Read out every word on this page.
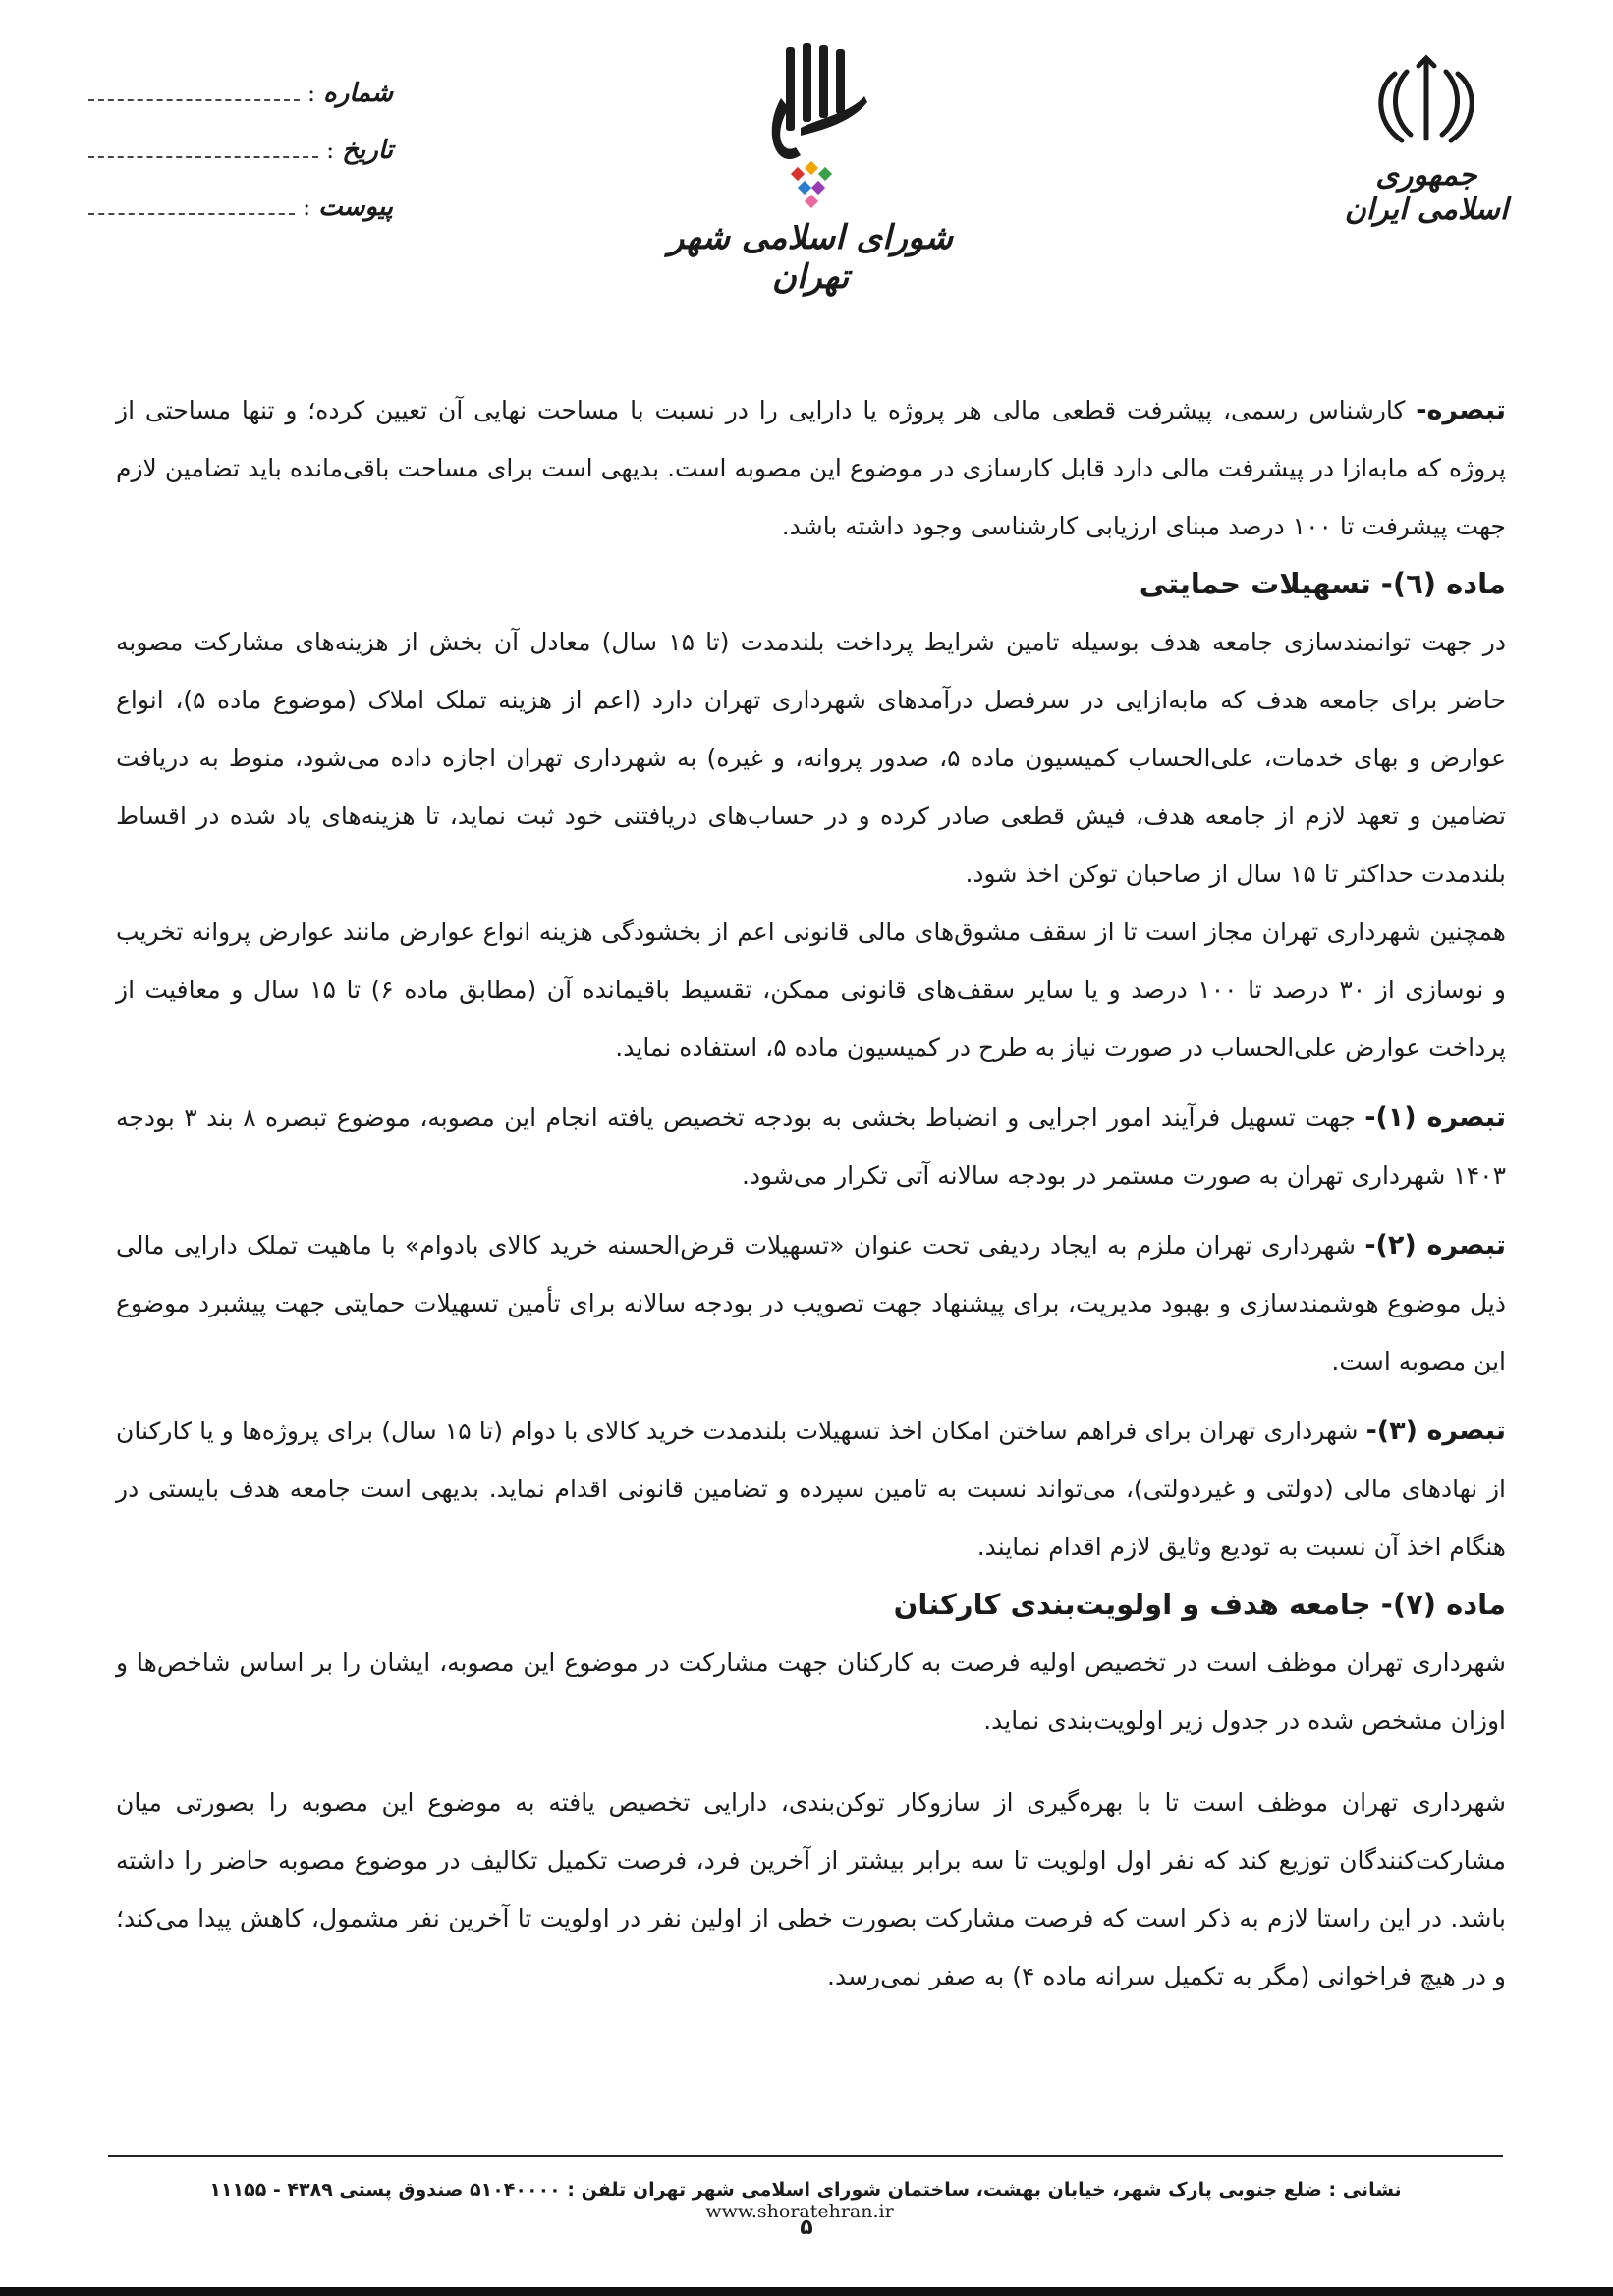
جمهوری اسلامی ایران
شورای اسلامی شهر تهران
شماره
:
تاریخ
:
پیوست
:

تبصره- کارشناس رسمی، پیشرفت قطعی مالی هر پروژه یا دارایی را در نسبت با مساحت نهایی آن تعیین کرده؛ و تنها مساحتی از پروژه که مابه‌ازا در پیشرفت مالی دارد قابل کارسازی در موضوع این مصوبه است. بدیهی است برای مساحت باقی‌مانده باید تضامین لازم جهت پیشرفت تا ۱۰۰ درصد مبنای ارزیابی کارشناسی وجود داشته باشد.

ماده (٦)- تسهیلات حمایتی

در جهت توانمندسازی جامعه هدف بوسیله تامین شرایط پرداخت بلندمدت (تا ۱۵ سال) معادل آن بخش از هزینه‌های مشارکت مصوبه حاضر برای جامعه هدف که مابه‌ازایی در سرفصل درآمدهای شهرداری تهران دارد (اعم از هزینه تملک املاک (موضوع ماده ۵)، انواع عوارض و بهای خدمات، علی‌الحساب کمیسیون ماده ۵، صدور پروانه، و غیره) به شهرداری تهران اجازه داده می‌شود، منوط به دریافت تضامین و تعهد لازم از جامعه هدف، فیش قطعی صادر کرده و در حساب‌های دریافتنی خود ثبت نماید، تا هزینه‌های یاد شده در اقساط بلندمدت حداکثر تا ۱۵ سال از صاحبان توکن اخذ شود.

همچنین شهرداری تهران مجاز است تا از سقف مشوق‌های مالی قانونی اعم از بخشودگی هزینه انواع عوارض مانند عوارض پروانه تخریب و نوسازی از ۳۰ درصد تا ۱۰۰ درصد و یا سایر سقف‌های قانونی ممکن، تقسیط باقیمانده آن (مطابق ماده ۶) تا ۱۵ سال و معافیت از پرداخت عوارض علی‌الحساب در صورت نیاز به طرح در کمیسیون ماده ۵، استفاده نماید.

تبصره (۱)- جهت تسهیل فرآیند امور اجرایی و انضباط بخشی به بودجه تخصیص یافته انجام این مصوبه، موضوع تبصره ۸ بند ۳ بودجه ۱۴۰۳ شهرداری تهران به صورت مستمر در بودجه سالانه آتی تکرار می‌شود.

تبصره (۲)- شهرداری تهران ملزم به ایجاد ردیفی تحت عنوان «تسهیلات قرض‌الحسنه خرید کالای بادوام» با ماهیت تملک دارایی مالی ذیل موضوع هوشمندسازی و بهبود مدیریت، برای پیشنهاد جهت تصویب در بودجه سالانه برای تأمین تسهیلات حمایتی جهت پیشبرد موضوع این مصوبه است.

تبصره (۳)- شهرداری تهران برای فراهم ساختن امکان اخذ تسهیلات بلندمدت خرید کالای با دوام (تا ۱۵ سال) برای پروژه‌ها و یا کارکنان از نهادهای مالی (دولتی و غیردولتی)، می‌تواند نسبت به تامین سپرده و تضامین قانونی اقدام نماید. بدیهی است جامعه هدف بایستی در هنگام اخذ آن نسبت به تودیع وثایق لازم اقدام نمایند.

ماده (۷)- جامعه هدف و اولویت‌بندی کارکنان

شهرداری تهران موظف است در تخصیص اولیه فرصت به کارکنان جهت مشارکت در موضوع این مصوبه، ایشان را بر اساس شاخص‌ها و اوزان مشخص شده در جدول زیر اولویت‌بندی نماید.

شهرداری تهران موظف است تا با بهره‌گیری از سازوکار توکن‌بندی، دارایی تخصیص یافته به موضوع این مصوبه را بصورتی میان مشارکت‌کنندگان توزیع کند که نفر اول اولویت تا سه برابر بیشتر از آخرین فرد، فرصت تکمیل تکالیف در موضوع مصوبه حاضر را داشته باشد. در این راستا لازم به ذکر است که فرصت مشارکت بصورت خطی از اولین نفر در اولویت تا آخرین نفر مشمول، کاهش پیدا می‌کند؛ و در هیچ فراخوانی (مگر به تکمیل سرانه ماده ۴) به صفر نمی‌رسد.

نشانی : ضلع جنوبی پارک شهر، خیابان بهشت، ساختمان شورای اسلامی شهر تهران تلفن : ۵۱۰۴۰۰۰۰ صندوق پستی ۴۳۸۹ - ۱۱۱۵۵ www.shoratehran.ir
۵
